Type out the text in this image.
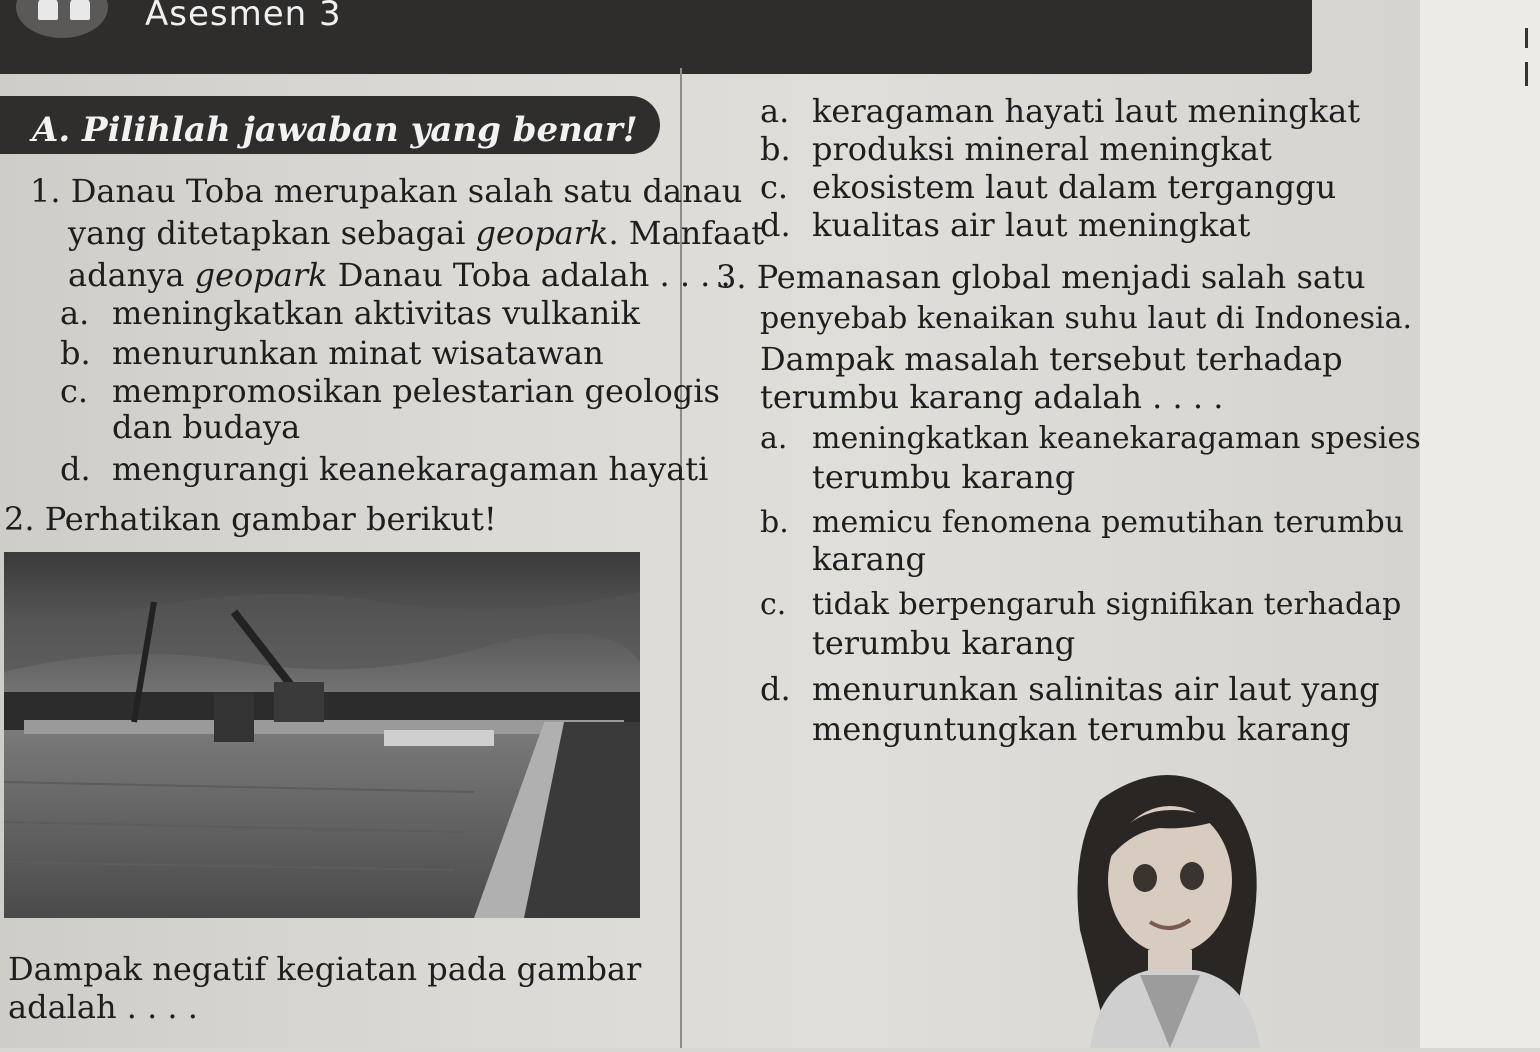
Asesmen 3
A. Pilihlah jawaban yang benar!
1. Danau Toba merupakan salah satu danau
yang ditetapkan sebagai geopark. Manfaat
adanya geopark Danau Toba adalah . . . .
a. meningkatkan aktivitas vulkanik
b. menurunkan minat wisatawan
c. mempromosikan pelestarian geologis
dan budaya
d. mengurangi keanekaragaman hayati
2. Perhatikan gambar berikut!
Dampak negatif kegiatan pada gambar
adalah . . . .
a. keragaman hayati laut meningkat
b. produksi mineral meningkat
c. ekosistem laut dalam terganggu
d. kualitas air laut meningkat
3. Pemanasan global menjadi salah satu
penyebab kenaikan suhu laut di Indonesia.
Dampak masalah tersebut terhadap
terumbu karang adalah . . . .
a. meningkatkan keanekaragaman spesies
terumbu karang
b. memicu fenomena pemutihan terumbu
karang
c. tidak berpengaruh signifikan terhadap
terumbu karang
d. menurunkan salinitas air laut yang
menguntungkan terumbu karang
